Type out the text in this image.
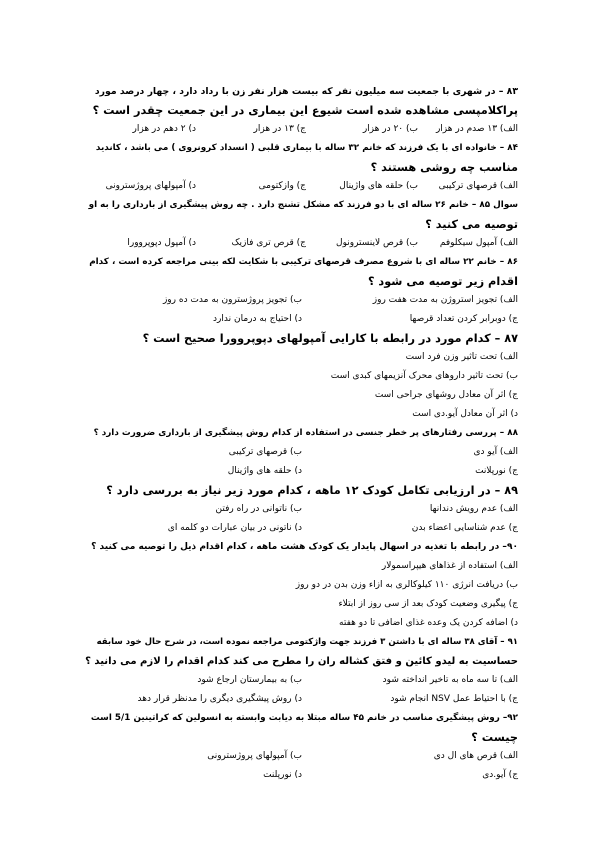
۸۳ – در شهری با جمعیت سه میلیون نفر که بیست هزار نفر زن با رداد دارد ، چهار درصد مورد
پراکلامپسی مشاهده شده است شیوع این بیماری در این جمعیت چقدر است ؟
الف) ۱۳ صدم در هزار
ب) ۲۰ در هزار
ج) ۱۳ در هزار
د) ۲ دهم در هزار
۸۴ – خانواده ای با یک فرزند که خانم ۳۲ ساله با بیماری قلبی ( انسداد کرونروی ) می باشد ، کاندید
مناسب چه روشی هستند ؟
الف) قرصهای ترکیبی
ب) حلقه های واژینال
ج) وازکتومی
د) آمپولهای پروژسترونی
سوال ۸۵ – خانم ۲۶ ساله ای با دو فرزند که مشکل تشنج دارد . چه روش پیشگیری از بارداری را به او
توصیه می کنید ؟
الف) آمپول سیکلوفم
ب) قرص لاینسترونول
ج) قرص تری فازیک
د) آمپول دپوپروورا
۸۶ – خانم ۲۲ ساله ای با شروع مصرف قرصهای ترکیبی با شکایت لکه بینی مراجعه کرده است ، کدام
اقدام زیر توصیه می شود ؟
الف) تجویز استروژن به مدت هفت روز
ب) تجویز پروژسترون به مدت ده روز
ج) دوبرابر کردن تعداد قرصها
د) احتیاج به درمان ندارد
۸۷ – کدام مورد در رابطه با کارایی آمپولهای دپوپروورا صحیح است ؟
الف) تحت تاثیر وزن فرد است
ب) تحت تاثیر داروهای محرک آنزیمهای کبدی است
ج) اثر آن معادل روشهای جراحی است
د) اثر آن معادل آیو.دی است
۸۸ – پررسی رفتارهای پر خطر جنسی در استفاده از کدام روش پیشگیری از بارداری ضرورت دارد ؟
الف) آیو دی
ب) قرصهای ترکیبی
ج) نورپلانت
د) حلقه های واژینال
۸۹ – در ارزیابی تکامل کودک ۱۲ ماهه ، کدام مورد زیر نیاز به بررسی دارد ؟
الف) عدم رویش دندانها
ب) ناتوانی در راه رفتن
ج) عدم شناسایی اعضاء بدن
د) ناتونی در بیان عبارات دو کلمه ای
۹۰– در رابطه با تغذیه در اسهال پایدار یک کودک هشت ماهه ، کدام اقدام ذیل را توصیه می کنید ؟
الف) استفاده از غذاهای هیپراسمولار
ب) دریافت انرژی ۱۱۰ کیلوکالری به ازاء وزن بدن در دو روز
ج) پیگیری وضعیت کودک بعد از سی روز از ابتلاء
د) اضافه کردن یک وعده غذای اضافی تا دو هفته
۹۱ – آقای ۳۸ ساله ای با داشتن ۳ فرزند جهت واژکتومی مراجعه نموده است، در شرح حال خود سابقه
حساسیت به لیدو کائین و فتق کشاله ران را مطرح می کند کدام اقدام را لازم می دانید ؟
الف) تا سه ماه به تاخیر انداخته شود
ب) به بیمارستان ارجاع شود
ج) با احتیاط عمل NSV انجام شود
د) روش پیشگیری دیگری را مدنظر قرار دهد
۹۲– روش پیشگیری مناسب در خانم ۴۵ ساله مبتلا به دیابت وابسته به انسولین که کراتینین 5/1 است
چیست ؟
الف) قرص های ال دی
ب) آمپولهای پروژسترونی
ج) آیو.دی
د) نورپلنت
